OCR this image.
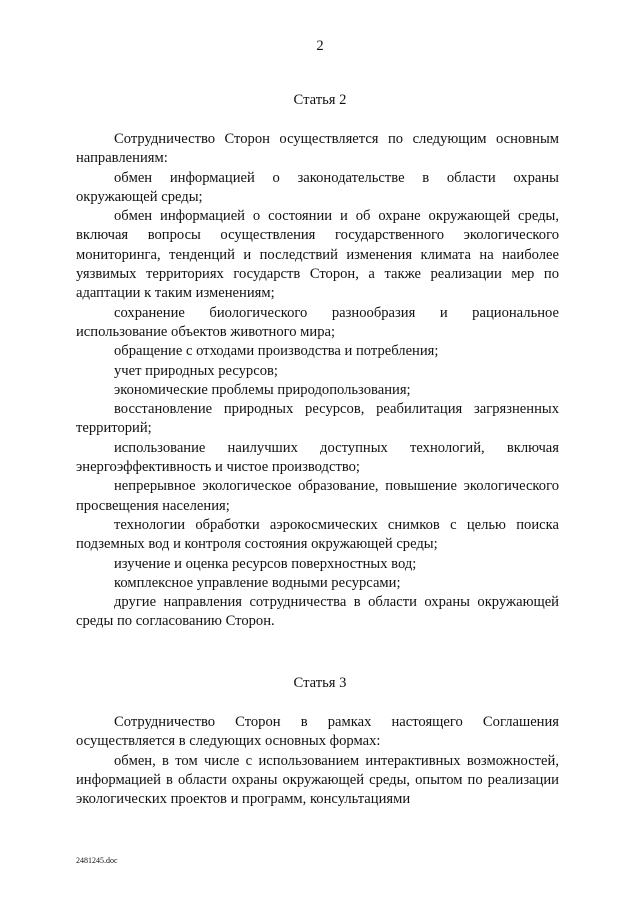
2
Статья 2

Сотрудничество Сторон осуществляется по следующим основным направлениям:

обмен информацией о законодательстве в области охраны окружающей среды;

обмен информацией о состоянии и об охране окружающей среды, включая вопросы осуществления государственного экологического мониторинга, тенденций и последствий изменения климата на наиболее уязвимых территориях государств Сторон, а также реализации мер по адаптации к таким изменениям;

сохранение биологического разнообразия и рациональное использование объектов животного мира;

обращение с отходами производства и потребления;

учет природных ресурсов;

экономические проблемы природопользования;

восстановление природных ресурсов, реабилитация загрязненных территорий;

использование наилучших доступных технологий, включая энергоэффективность и чистое производство;

непрерывное экологическое образование, повышение экологического просвещения населения;

технологии обработки аэрокосмических снимков с целью поиска подземных вод и контроля состояния окружающей среды;

изучение и оценка ресурсов поверхностных вод;

комплексное управление водными ресурсами;

другие направления сотрудничества в области охраны окружающей среды по согласованию Сторон.

Статья 3

Сотрудничество Сторон в рамках настоящего Соглашения осуществляется в следующих основных формах:

обмен, в том числе с использованием интерактивных возможностей, информацией в области охраны окружающей среды, опытом по реализации экологических проектов и программ, консультациями

2481245.doc
